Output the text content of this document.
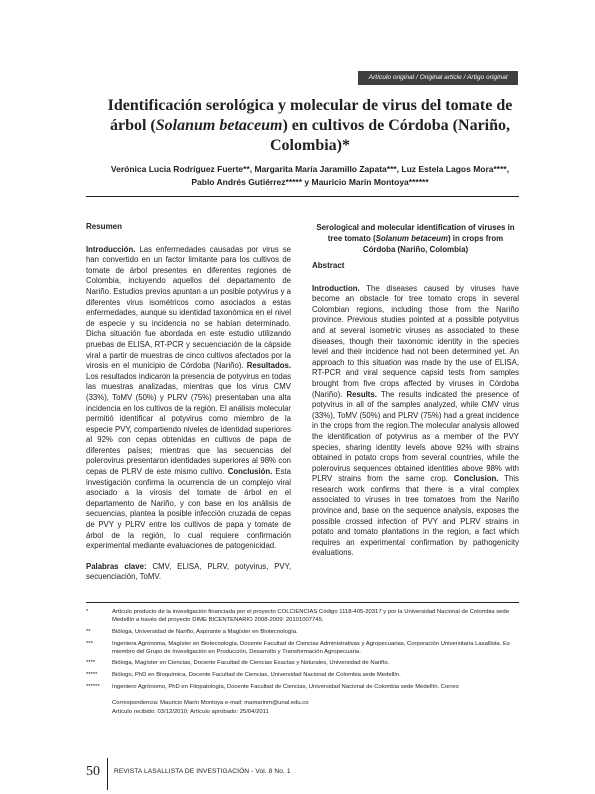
Artículo original / Original article / Artigo original
Identificación serológica y molecular de virus del tomate de árbol (Solanum betaceum) en cultivos de Córdoba (Nariño, Colombia)*
Verónica Lucia Rodríguez Fuerte**, Margarita María Jaramillo Zapata***, Luz Estela Lagos Mora****, Pablo Andrés Gutiérrez***** y Mauricio Marín Montoya******

Resumen

Introducción. Las enfermedades causadas por virus se han convertido en un factor limitante para los cultivos de tomate de árbol presentes en diferentes regiones de Colombia, incluyendo aquellos del departamento de Nariño. Estudios previos apuntan a un posible potyvirus y a diferentes virus isométricos como asociados a estas enfermedades, aunque su identidad taxonómica en el nivel de especie y su incidencia no se habían determinado. Dicha situación fue abordada en este estudio utilizando pruebas de ELISA, RT-PCR y secuenciación de la cápside viral a partir de muestras de cinco cultivos afectados por la virosis en el municipio de Córdoba (Nariño). Resultados. Los resultados indicaron la presencia de potyvirus en todas las muestras analizadas, mientras que los virus CMV (33%), ToMV (50%) y PLRV (75%) presentaban una alta incidencia en los cultivos de la región. El análisis molecular permitió identificar al potyvirus como miembro de la especie PVY, compartiendo niveles de identidad superiores al 92% con cepas obtenidas en cultivos de papa de diferentes países; mientras que las secuencias del polerovirus presentaron identidades superiores al 98% con cepas de PLRV de este mismo cultivo. Conclusión. Esta investigación confirma la ocurrencia de un complejo viral asociado a la virosis del tomate de árbol en el departamento de Nariño, y con base en los análisis de secuencias, plantea la posible infección cruzada de cepas de PVY y PLRV entre los cultivos de papa y tomate de árbol de la región, lo cual requiere confirmación experimental mediante evaluaciones de patogenicidad.

Palabras clave: CMV, ELISA, PLRV, potyvirus, PVY, secuenciación, ToMV.

Serological and molecular identification of viruses in tree tomato (Solanum betaceum) in crops from Córdoba (Nariño, Colombia)

Abstract

Introduction. The diseases caused by viruses have become an obstacle for tree tomato crops in several Colombian regions, including those from the Nariño province. Previous studies pointed at a possible potyvirus and at several isometric viruses as associated to these diseases, though their taxonomic identity in the species level and their incidence had not been determined yet. An approach to this situation was made by the use of ELISA, RT-PCR and viral sequence capsid tests from samples brought from five crops affected by viruses in Córdoba (Nariño). Results. The results indicated the presence of potyvirus in all of the samples analyzed, while CMV virus (33%), ToMV (50%) and PLRV (75%) had a great incidence in the crops from the region.The molecular analysis allowed the identification of potyvirus as a member of the PVY species, sharing identity levels above 92% with strains obtained in potato crops from several countries, while the polerovirus sequences obtained identities above 98% with PLRV strains from the same crop. Conclusion. This research work confirms that there is a viral complex associated to viruses in tree tomatoes from the Nariño province and, base on the sequence analysis, exposes the possible crossed infection of PVY and PLRV strains in potato and tomato plantations in the region, a fact which requires an experimental confirmation by pathogenicity evaluations.

*	Artículo producto de la investigación financiada por el proyecto COLCIENCIAS Código 1118-405-20317 y por la Universidad Nacional de Colombia sede Medellín a través del proyecto DIME BICENTENARIO 2008-2009: 20101007745.
**	Bióloga, Universidad de Nariño, Aspirante a Magíster en Biotecnología.
***	Ingeniera Agrónoma, Magíster en Biotecnología, Docente Facultad de Ciencias Administrativas y Agropecuarias, Corporación Universitaria Lasallista. Es miembro del Grupo de Investigación en Producción, Desarrollo y Transformación Agropecuaria.
****	Bióloga, Magíster en Ciencias, Docente Facultad de Ciencias Exactas y Naturales, Universidad de Nariño.
*****	Biólogo, PhD en Bioquímica, Docente Facultad de Ciencias, Universidad Nacional de Colombia sede Medellín.
******	Ingeniero Agrónomo, PhD en Fitopatología, Docente Facultad de Ciencias, Universidad Nacional de Colombia sede Medellín. Correo
Correspondencia: Mauricio Marín Montoya e-mail: mamarinm@unal.edu.co
Artículo recibido: 03/12/2010; Artículo aprobado: 25/04/2011
50 REVISTA LASALLISTA DE INVESTIGACIÓN - Vol. 8 No. 1
